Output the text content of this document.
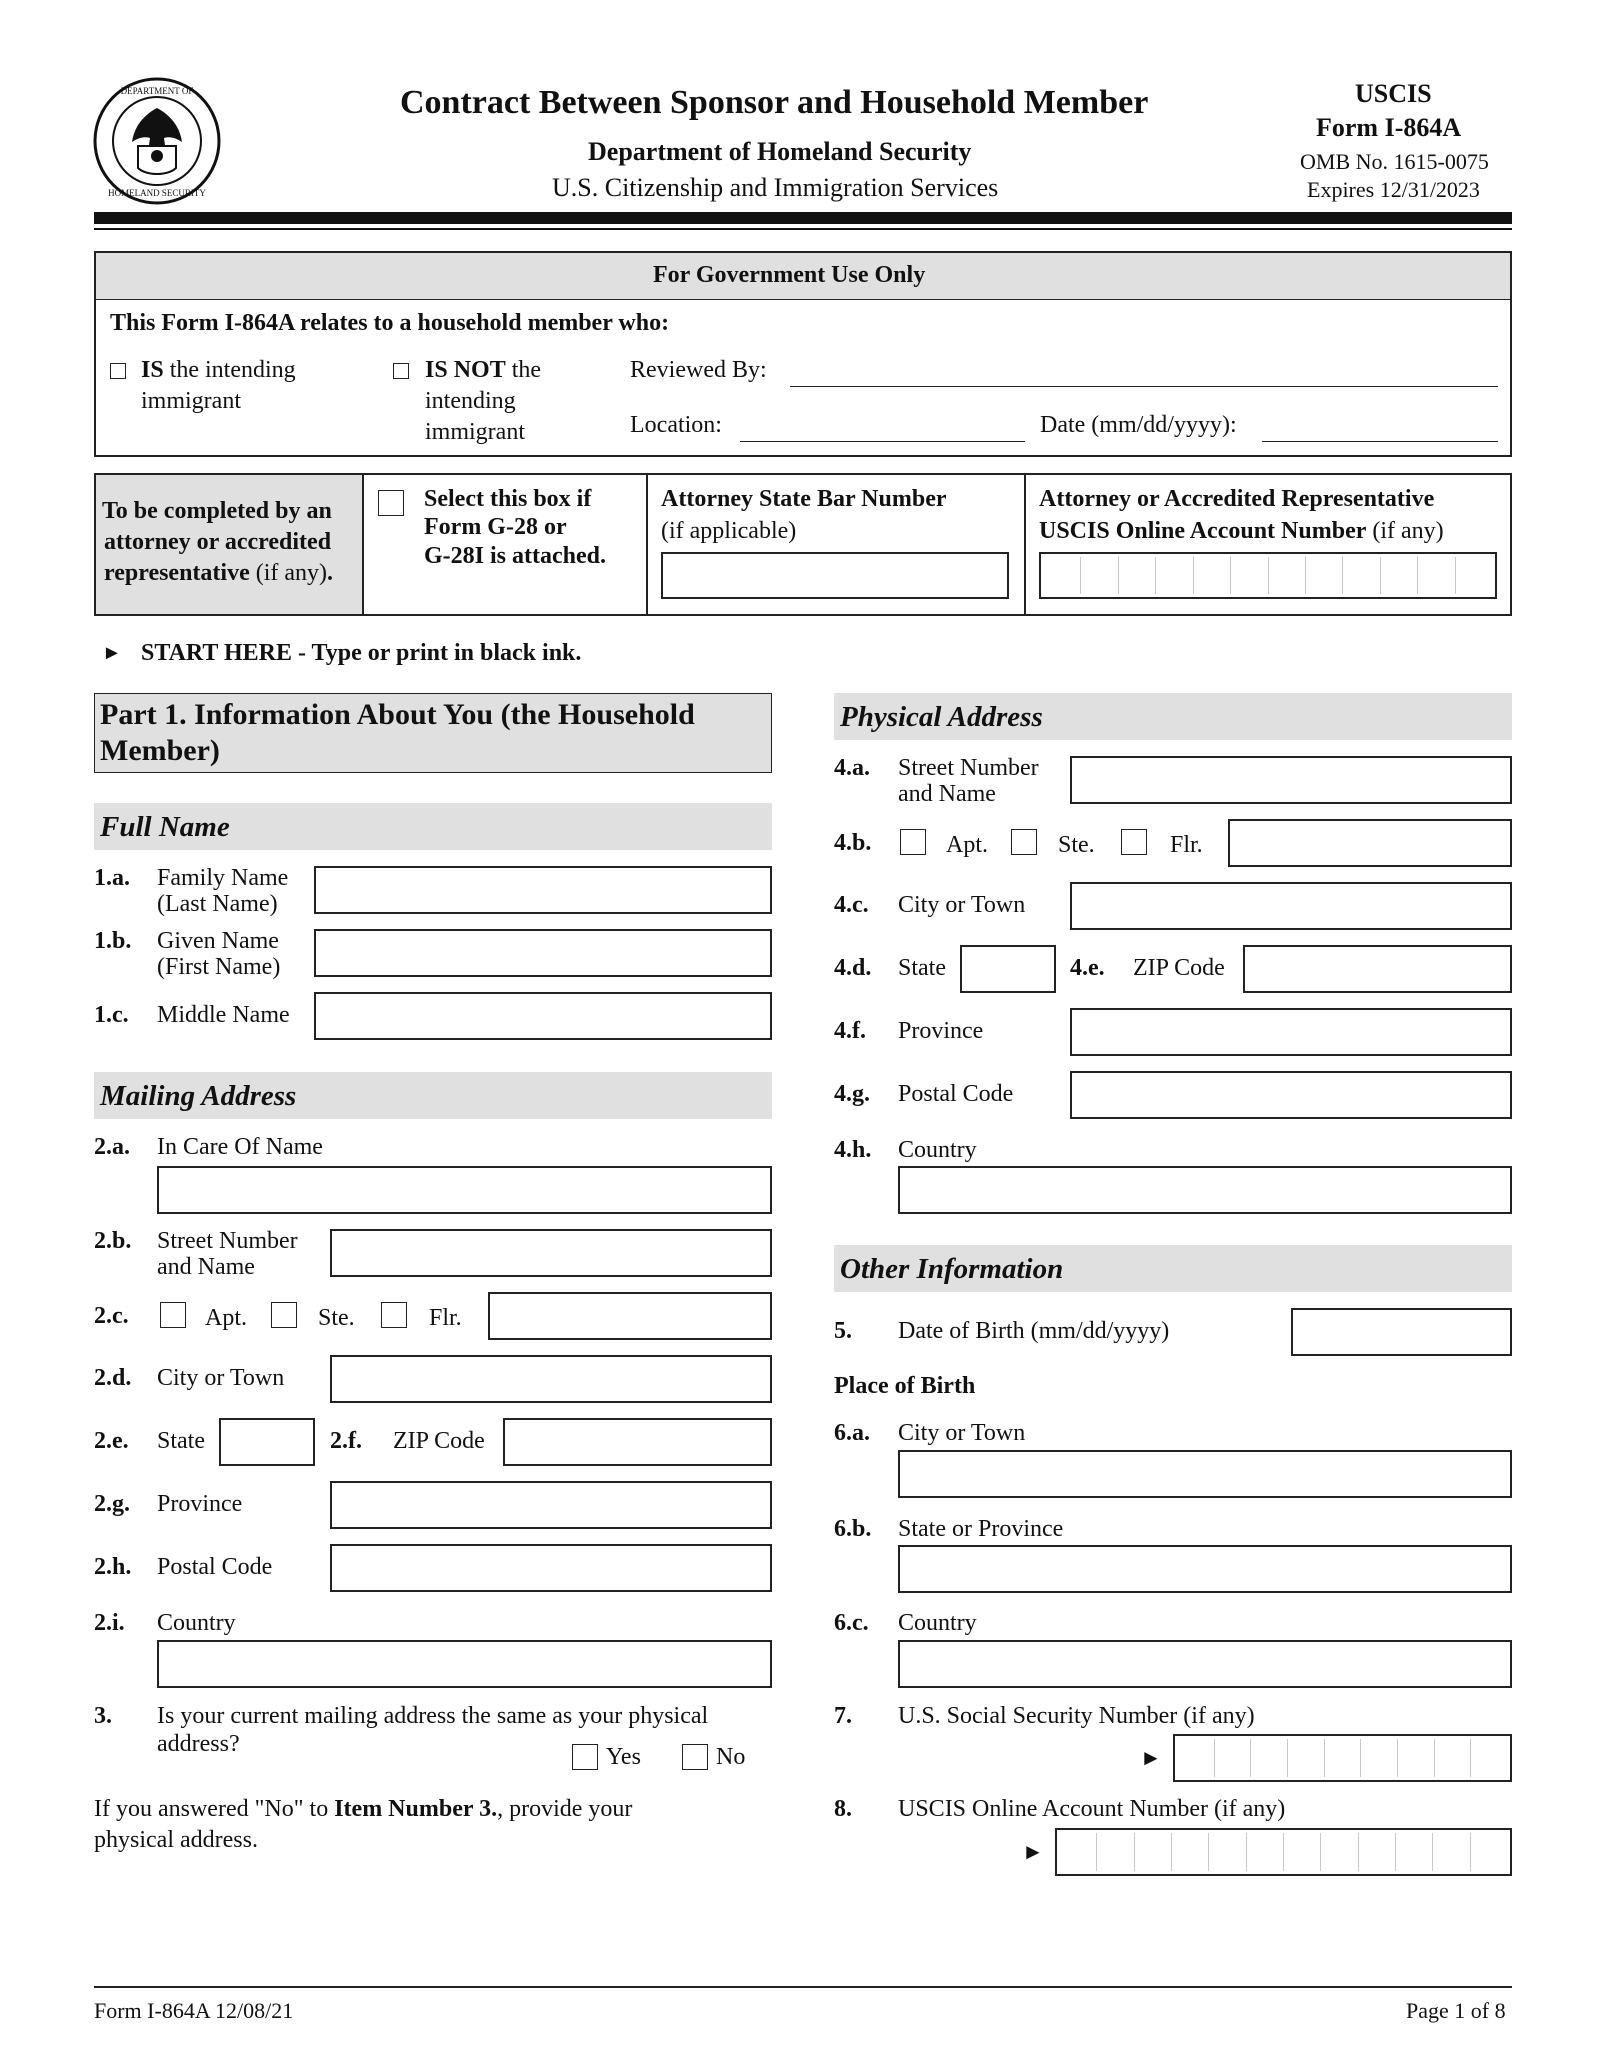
DEPARTMENT OF
HOMELAND SECURITY
Contract Between Sponsor and Household Member
Department of Homeland Security
U.S. Citizenship and Immigration Services
USCIS
Form I-864A
OMB No. 1615-0075
Expires 12/31/2023
For Government Use Only
This Form I-864A relates to a household member who:
IS the intending
immigrant
IS NOT the
intending
immigrant
Reviewed By:
Location:	Date (mm/dd/yyyy):
To be completed by an
attorney or accredited
representative (if any).
Select this box if
Form G-28 or
G-28I is attached.
Attorney State Bar Number
(if applicable)
Attorney or Accredited Representative
USCIS Online Account Number (if any)
► START HERE - Type or print in black ink.
Part 1. Information About You (the Household
Member)
Full Name
1.a. Family Name
(Last Name)
1.b. Given Name
(First Name)
1.c. Middle Name
Mailing Address
2.a. In Care Of Name
2.b. Street Number
and Name
2.c.	Apt.	Ste.	Flr.
2.d. City or Town
2.e. State	2.f. ZIP Code
2.g. Province
2.h. Postal Code
2.i. Country
3. Is your current mailing address the same as your physical
address?	Yes	No
If you answered "No" to Item Number 3., provide your
physical address.
Physical Address
4.a. Street Number
and Name
4.b.	Apt.	Ste.	Flr.
4.c. City or Town
4.d. State	4.e. ZIP Code
4.f. Province
4.g. Postal Code
4.h. Country
Other Information
5. Date of Birth (mm/dd/yyyy)
Place of Birth
6.a. City or Town
6.b. State or Province
6.c. Country
7. U.S. Social Security Number (if any)
►
8. USCIS Online Account Number (if any)
►
Form I-864A 12/08/21	Page 1 of 8
